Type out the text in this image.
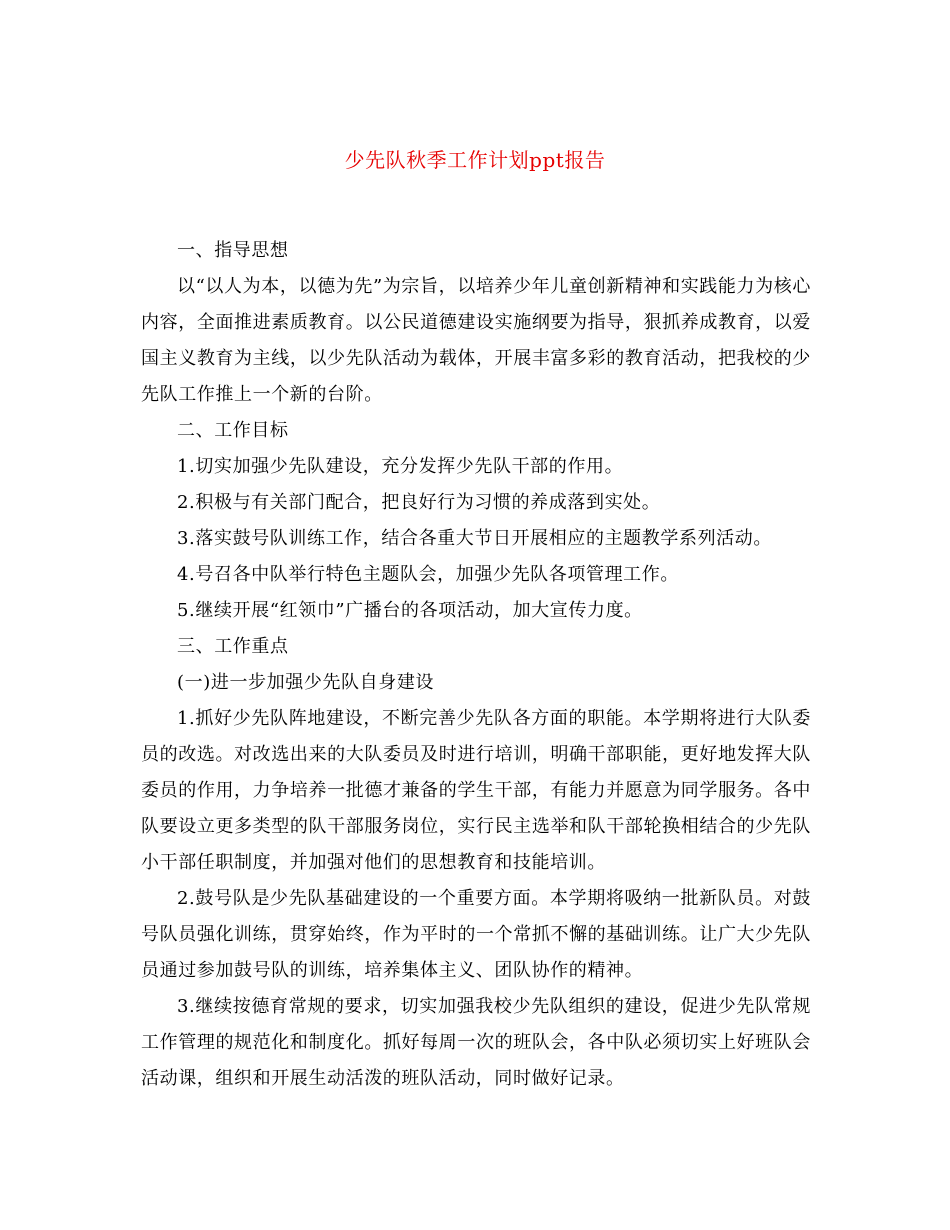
少先队秋季工作计划ppt报告

一、指导思想

以“以人为本，以德为先”为宗旨，以培养少年儿童创新精神和实践能力为核心内容，全面推进素质教育。以公民道德建设实施纲要为指导，狠抓养成教育，以爱国主义教育为主线，以少先队活动为载体，开展丰富多彩的教育活动，把我校的少先队工作推上一个新的台阶。

二、工作目标

1.切实加强少先队建设，充分发挥少先队干部的作用。

2.积极与有关部门配合，把良好行为习惯的养成落到实处。

3.落实鼓号队训练工作，结合各重大节日开展相应的主题教学系列活动。

4.号召各中队举行特色主题队会，加强少先队各项管理工作。

5.继续开展“红领巾”广播台的各项活动，加大宣传力度。

三、工作重点

(一)进一步加强少先队自身建设

1.抓好少先队阵地建设，不断完善少先队各方面的职能。本学期将进行大队委员的改选。对改选出来的大队委员及时进行培训，明确干部职能，更好地发挥大队委员的作用，力争培养一批德才兼备的学生干部，有能力并愿意为同学服务。各中队要设立更多类型的队干部服务岗位，实行民主选举和队干部轮换相结合的少先队小干部任职制度，并加强对他们的思想教育和技能培训。

2.鼓号队是少先队基础建设的一个重要方面。本学期将吸纳一批新队员。对鼓号队员强化训练，贯穿始终，作为平时的一个常抓不懈的基础训练。让广大少先队员通过参加鼓号队的训练，培养集体主义、团队协作的精神。

3.继续按德育常规的要求，切实加强我校少先队组织的建设，促进少先队常规工作管理的规范化和制度化。抓好每周一次的班队会，各中队必须切实上好班队会活动课，组织和开展生动活泼的班队活动，同时做好记录。
